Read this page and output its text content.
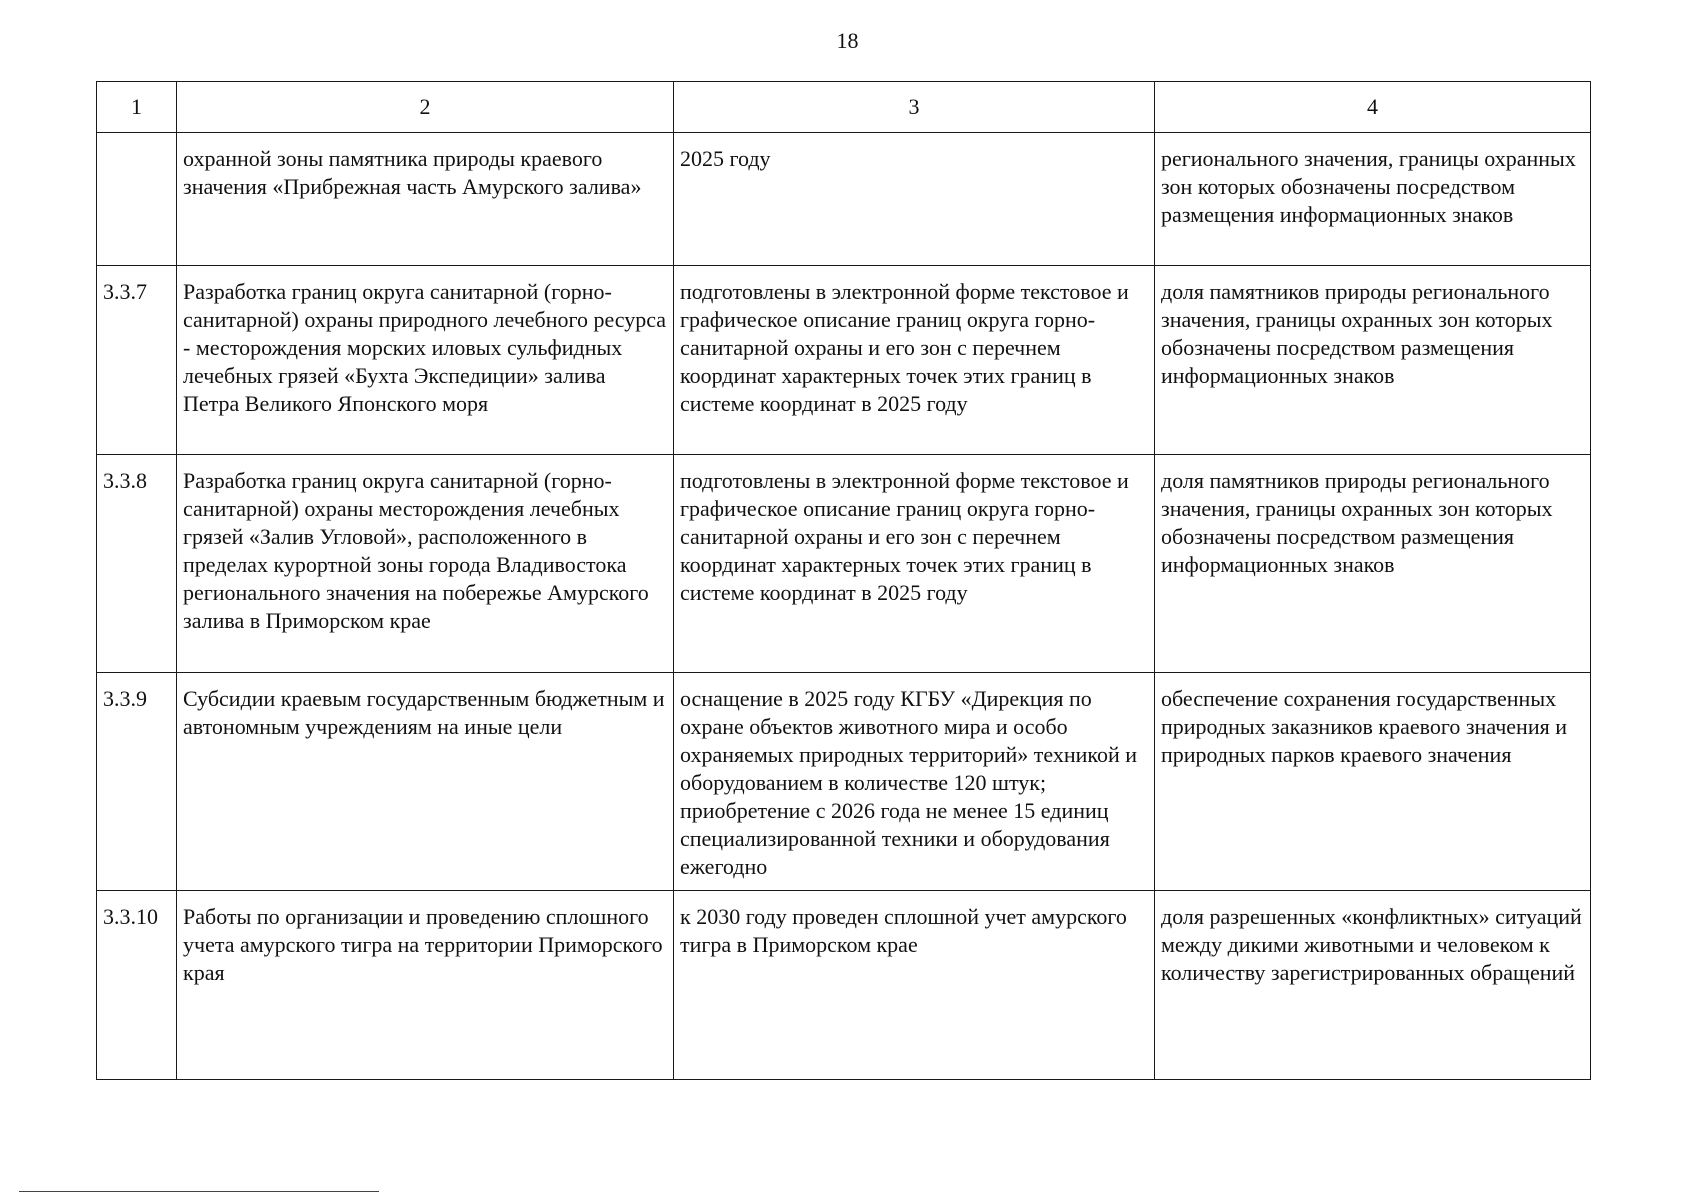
18
1	2	3	4
	охранной зоны памятника природы краевого значения «Прибрежная часть Амурского залива»	2025 году	регионального значения, границы охранных зон которых обозначены посредством размещения информационных знаков
3.3.7	Разработка границ округа санитарной (горно-санитарной) охраны природного лечебного ресурса - месторождения морских иловых сульфидных лечебных грязей «Бухта Экспедиции» залива Петра Великого Японского моря	подготовлены в электронной форме текстовое и графическое описание границ округа горно-санитарной охраны и его зон с перечнем координат характерных точек этих границ в системе координат в 2025 году	доля памятников природы регионального значения, границы охранных зон которых обозначены посредством размещения информационных знаков
3.3.8	Разработка границ округа санитарной (горно-санитарной) охраны месторождения лечебных грязей «Залив Угловой», расположенного в пределах курортной зоны города Владивостока регионального значения на побережье Амурского залива в Приморском крае	подготовлены в электронной форме текстовое и графическое описание границ округа горно-санитарной охраны и его зон с перечнем координат характерных точек этих границ в системе координат в 2025 году	доля памятников природы регионального значения, границы охранных зон которых обозначены посредством размещения информационных знаков
3.3.9	Субсидии краевым государственным бюджетным и автономным учреждениям на иные цели	оснащение в 2025 году КГБУ «Дирекция по охране объектов животного мира и особо охраняемых природных территорий» техникой и оборудованием в количестве 120 штук; приобретение с 2026 года не менее 15 единиц специализированной техники и оборудования ежегодно	обеспечение сохранения государственных природных заказников краевого значения и природных парков краевого значения
3.3.10	Работы по организации и проведению сплошного учета амурского тигра на территории Приморского края	к 2030 году проведен сплошной учет амурского тигра в Приморском крае	доля разрешенных «конфликтных» ситуаций между дикими животными и человеком к количеству зарегистрированных обращений
